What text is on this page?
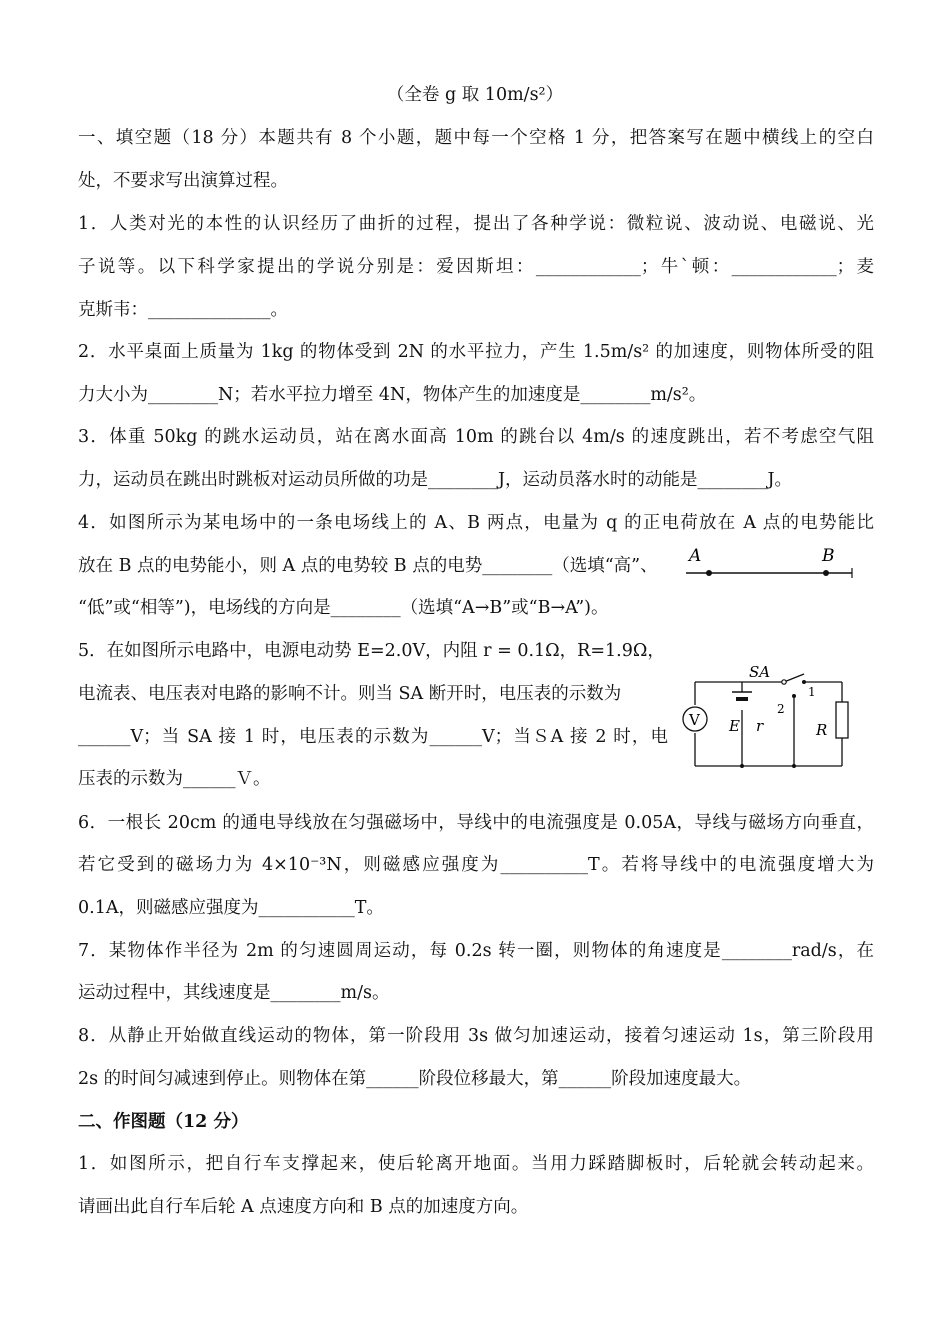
（全卷 g 取 10m/s²）
一、填空题（18 分）本题共有 8 个小题，题中每一个空格 1 分，把答案写在题中横线上的空白
处，不要求写出演算过程。
1．人类对光的本性的认识经历了曲折的过程，提出了各种学说：微粒说、波动说、电磁说、光
子说等。以下科学家提出的学说分别是：爱因斯坦：____________；牛`顿：____________；麦
克斯韦：______________。
2．水平桌面上质量为 1kg 的物体受到 2N 的水平拉力，产生 1.5m/s² 的加速度，则物体所受的阻
力大小为________N；若水平拉力增至 4N，物体产生的加速度是________m/s²。
3．体重 50kg 的跳水运动员，站在离水面高 10m 的跳台以 4m/s 的速度跳出，若不考虑空气阻
力，运动员在跳出时跳板对运动员所做的功是________J，运动员落水时的动能是________J。
4．如图所示为某电场中的一条电场线上的 A、B 两点，电量为 q 的正电荷放在 A 点的电势能比
放在 B 点的电势能小，则 A 点的电势较 B 点的电势________（选填“高”、
“低”或“相等”)，电场线的方向是________（选填“A→B”或“B→A”)。
A	B
5．在如图所示电路中，电源电动势 E=2.0V，内阻 r = 0.1Ω，R=1.9Ω，
电流表、电压表对电路的影响不计。则当 SA 断开时，电压表的示数为
______V；当 SA 接 1 时，电压表的示数为______V；当ＳA 接 2 时，电
压表的示数为______Ｖ。
SA
V E r	R
1
2
6．一根长 20cm 的通电导线放在匀强磁场中，导线中的电流强度是 0.05A，导线与磁场方向垂直，
若它受到的磁场力为 4×10⁻³N，则磁感应强度为__________T。若将导线中的电流强度增大为
0.1A，则磁感应强度为___________T。
7．某物体作半径为 2m 的匀速圆周运动，每 0.2s 转一圈，则物体的角速度是________rad/s，在
运动过程中，其线速度是________m/s。
8．从静止开始做直线运动的物体，第一阶段用 3s 做匀加速运动，接着匀速运动 1s，第三阶段用
2s 的时间匀减速到停止。则物体在第______阶段位移最大，第______阶段加速度最大。
二、作图题（12 分）
1．如图所示，把自行车支撑起来，使后轮离开地面。当用力踩踏脚板时，后轮就会转动起来。
请画出此自行车后轮 A 点速度方向和 B 点的加速度方向。
